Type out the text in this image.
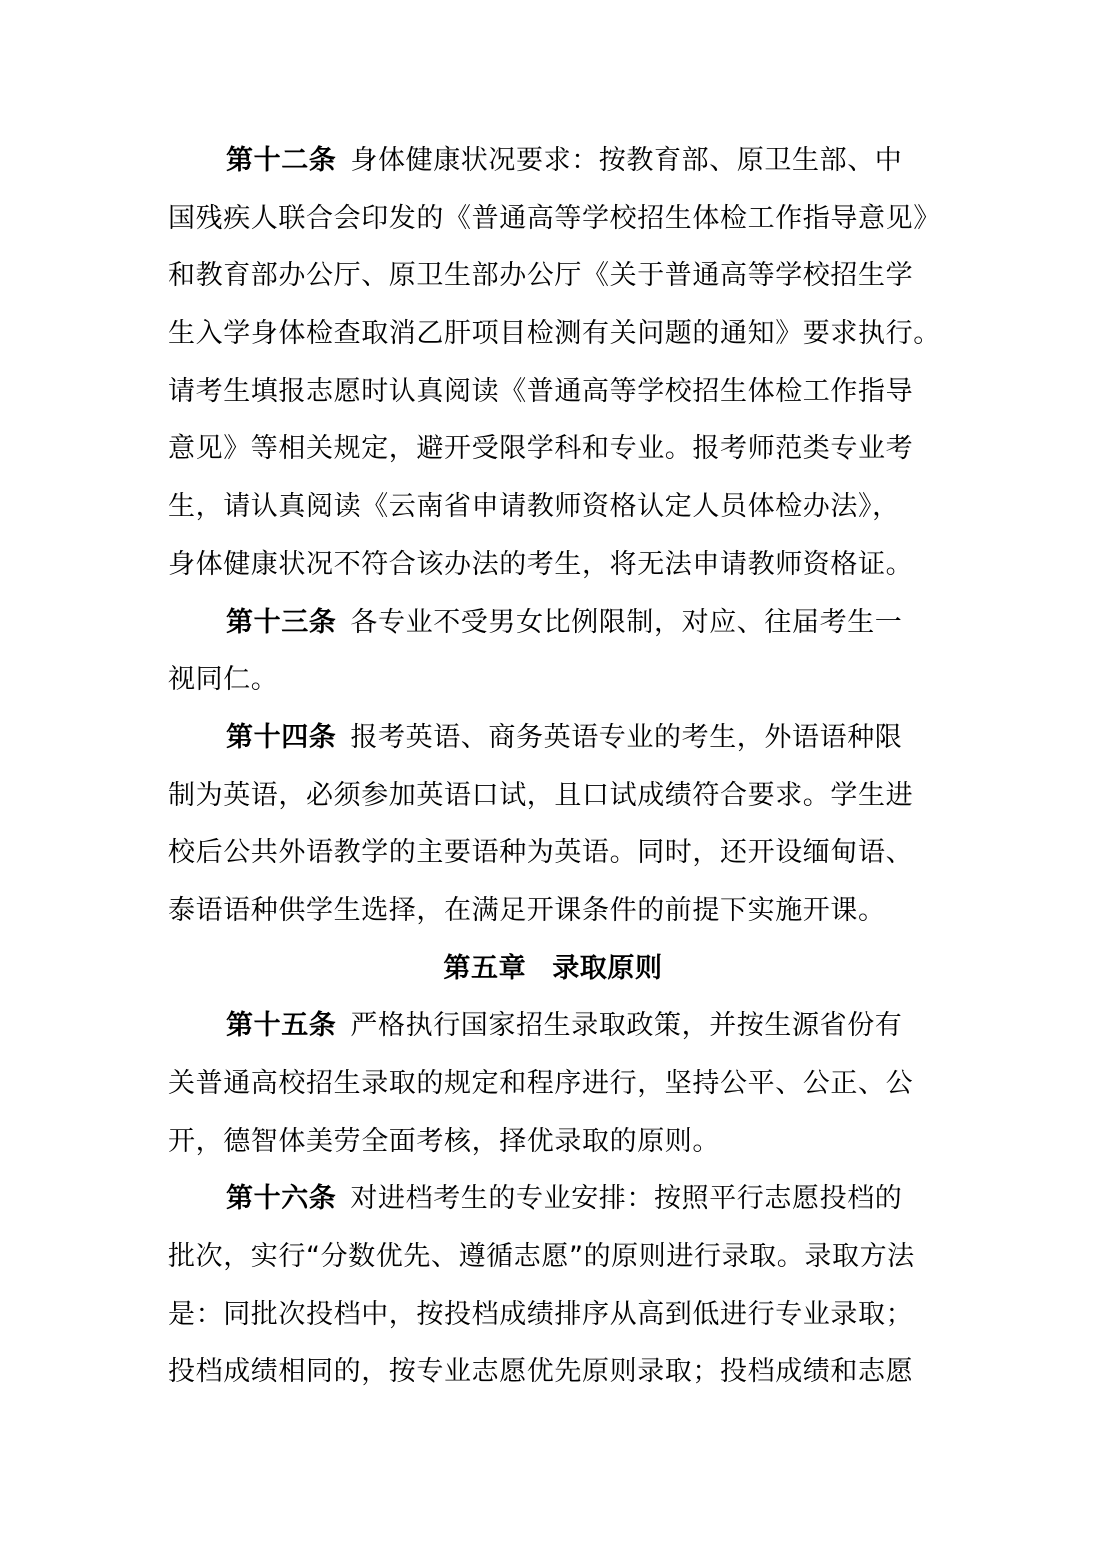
第十二条 身体健康状况要求：按教育部、原卫生部、中
国残疾人联合会印发的《普通高等学校招生体检工作指导意见》
和教育部办公厅、原卫生部办公厅《关于普通高等学校招生学
生入学身体检查取消乙肝项目检测有关问题的通知》要求执行。
请考生填报志愿时认真阅读《普通高等学校招生体检工作指导
意见》等相关规定，避开受限学科和专业。报考师范类专业考
生，请认真阅读《云南省申请教师资格认定人员体检办法》，
身体健康状况不符合该办法的考生，将无法申请教师资格证。
第十三条 各专业不受男女比例限制，对应、往届考生一
视同仁。
第十四条 报考英语、商务英语专业的考生，外语语种限
制为英语，必须参加英语口试，且口试成绩符合要求。学生进
校后公共外语教学的主要语种为英语。同时，还开设缅甸语、
泰语语种供学生选择，在满足开课条件的前提下实施开课。
第五章 录取原则
第十五条 严格执行国家招生录取政策，并按生源省份有
关普通高校招生录取的规定和程序进行，坚持公平、公正、公
开，德智体美劳全面考核，择优录取的原则。
第十六条 对进档考生的专业安排：按照平行志愿投档的
批次，实行“分数优先、遵循志愿”的原则进行录取。录取方法
是：同批次投档中，按投档成绩排序从高到低进行专业录取；
投档成绩相同的，按专业志愿优先原则录取；投档成绩和志愿
